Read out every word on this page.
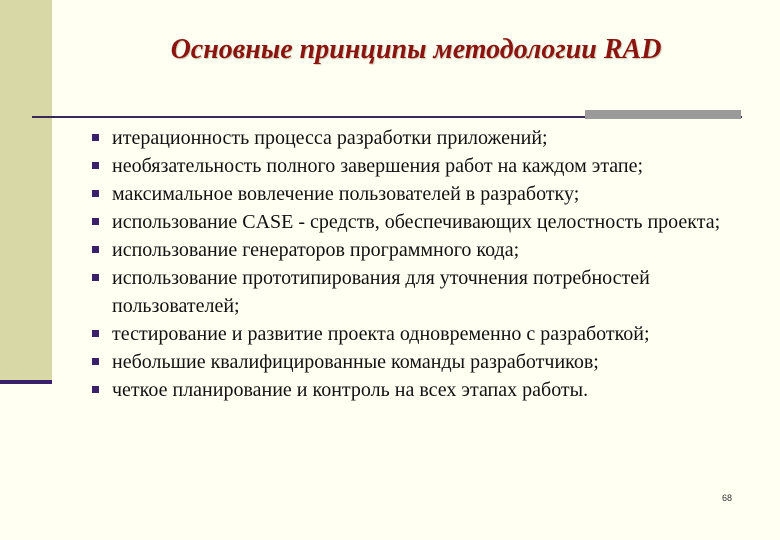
Основные принципы методологии RAD
итерационность процесса разработки приложений;
необязательность полного завершения работ на каждом этапе;
максимальное вовлечение пользователей в разработку;
использование CASE - средств, обеспечивающих целостность проекта;
использование генераторов программного кода;
использование прототипирования для уточнения потребностей пользователей;
тестирование и развитие проекта одновременно с разработкой;
небольшие квалифицированные команды разработчиков;
четкое планирование и контроль на всех этапах работы.
68
